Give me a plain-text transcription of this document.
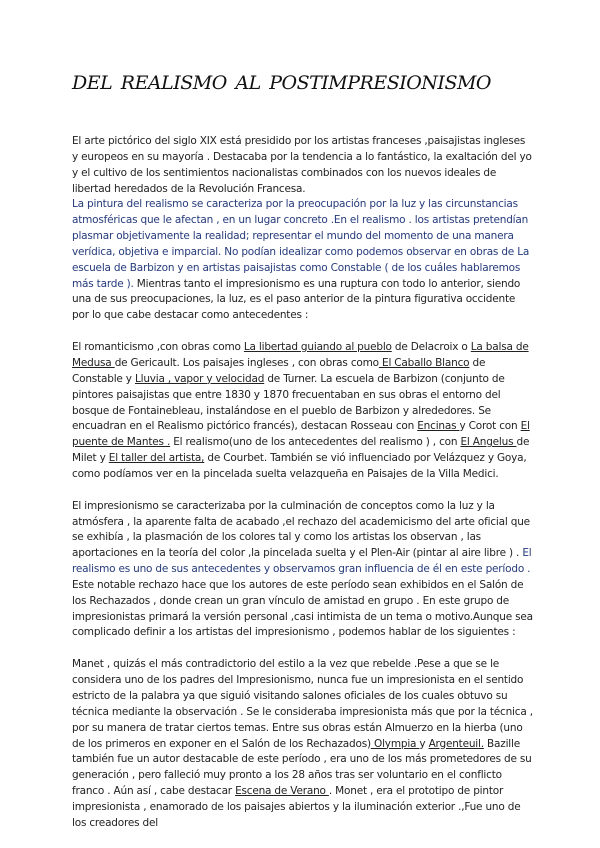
DEL REALISMO AL POSTIMPRESIONISMO

El arte pictórico del siglo XIX está presidido por los artistas franceses ,paisajistas ingleses y europeos en su mayoría . Destacaba por la tendencia a lo fantástico, la exaltación del yo y el cultivo de los sentimientos nacionalistas combinados con los nuevos ideales de libertad heredados de la Revolución Francesa.
La pintura del realismo se caracteriza por la preocupación por la luz y las circunstancias atmosféricas que le afectan , en un lugar concreto .En el realismo . los artistas pretendían plasmar objetivamente la realidad; representar el mundo del momento de una manera verídica, objetiva e imparcial. No podían idealizar como podemos observar en obras de La escuela de Barbizon y en artistas paisajistas como Constable ( de los cuáles hablaremos más tarde ). Mientras tanto el impresionismo es una ruptura con todo lo anterior, siendo una de sus preocupaciones, la luz, es el paso anterior de la pintura figurativa occidente por lo que cabe destacar como antecedentes :

El romanticismo ,con obras como La libertad guiando al pueblo de Delacroix o La balsa de Medusa de Gericault. Los paisajes ingleses , con obras como El Caballo Blanco de Constable y Lluvia , vapor y velocidad de Turner. La escuela de Barbizon (conjunto de pintores paisajistas que entre 1830 y 1870 frecuentaban en sus obras el entorno del bosque de Fontainebleau, instalándose en el pueblo de Barbizon y alrededores. Se encuadran en el Realismo pictórico francés), destacan Rosseau con Encinas y Corot con El puente de Mantes . El realismo(uno de los antecedentes del realismo ) , con El Angelus de Milet y El taller del artista, de Courbet. También se vió influenciado por Velázquez y Goya, como podíamos ver en la pincelada suelta velazqueña en Paisajes de la Villa Medici.

El impresionismo se caracterizaba por la culminación de conceptos como la luz y la atmósfera , la aparente falta de acabado ,el rechazo del academicismo del arte oficial que se exhibía , la plasmación de los colores tal y como los artistas los observan , las aportaciones en la teoría del color ,la pincelada suelta y el Plen-Air (pintar al aire libre ) . El realismo es uno de sus antecedentes y observamos gran influencia de él en este período .
Este notable rechazo hace que los autores de este período sean exhibidos en el Salón de los Rechazados , donde crean un gran vínculo de amistad en grupo . En este grupo de impresionistas primará la versión personal ,casi intimista de un tema o motivo.Aunque sea complicado definir a los artistas del impresionismo , podemos hablar de los siguientes :

Manet , quizás el más contradictorio del estilo a la vez que rebelde .Pese a que se le considera uno de los padres del Impresionismo, nunca fue un impresionista en el sentido estricto de la palabra ya que siguió visitando salones oficiales de los cuales obtuvo su técnica mediante la observación . Se le consideraba impresionista más que por la técnica , por su manera de tratar ciertos temas. Entre sus obras están Almuerzo en la hierba (uno de los primeros en exponer en el Salón de los Rechazados) Olympia y Argenteuil. Bazille también fue un autor destacable de este período , era uno de los más prometedores de su generación , pero falleció muy pronto a los 28 años tras ser voluntario en el conflicto franco . Aún así , cabe destacar Escena de Verano . Monet , era el prototipo de pintor impresionista , enamorado de los paisajes abiertos y la iluminación exterior .,Fue uno de los creadores del
